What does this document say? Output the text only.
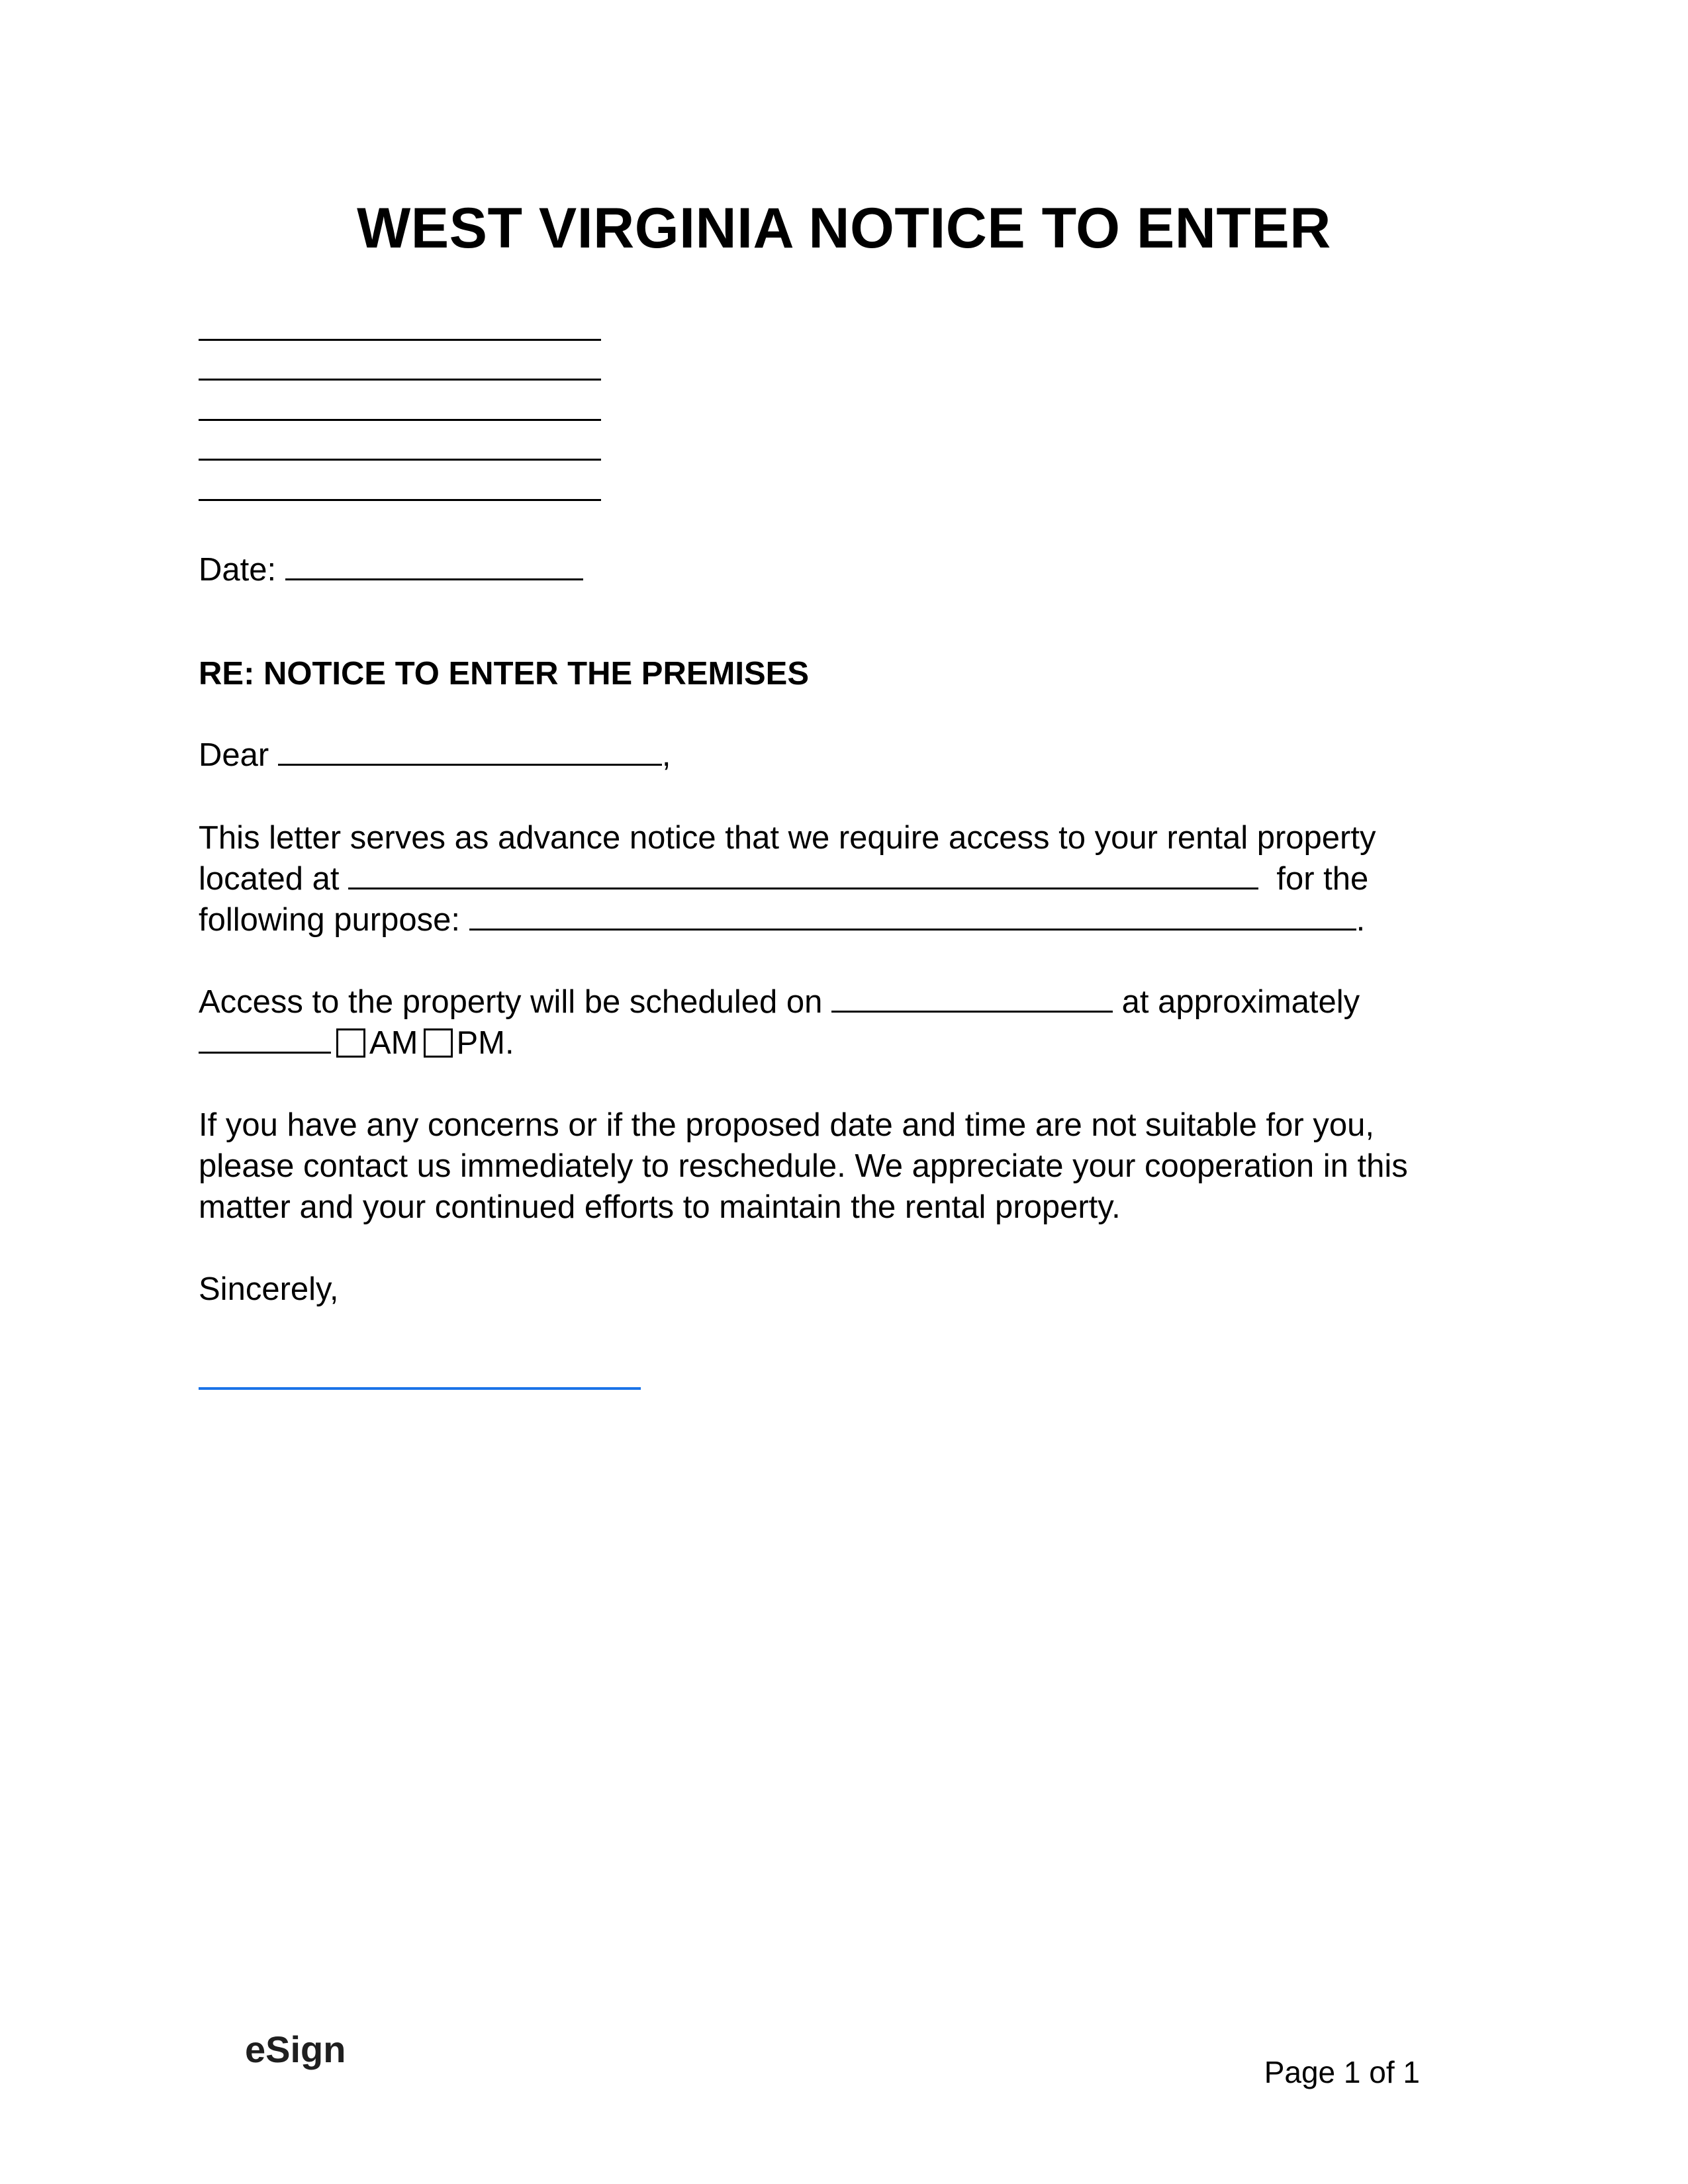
WEST VIRGINIA NOTICE TO ENTER
Date:
RE: NOTICE TO ENTER THE PREMISES
Dear	,
This letter serves as advance notice that we require access to your rental property
located at	for the
following purpose:	.
Access to the property will be scheduled on	at approximately
AM PM.
If you have any concerns or if the proposed date and time are not suitable for you,
please contact us immediately to reschedule. We appreciate your cooperation in this
matter and your continued efforts to maintain the rental property.
Sincerely,
eSign
Page 1 of 1
